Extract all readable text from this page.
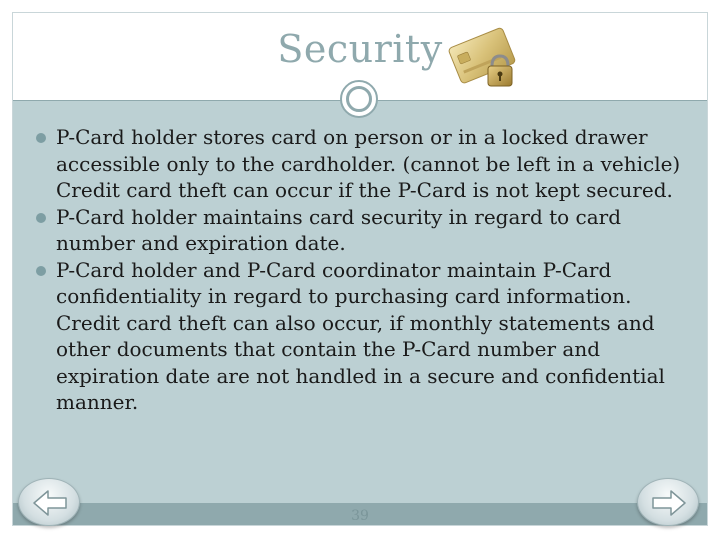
Security
P-Card holder stores card on person or in a locked drawer accessible only to the cardholder. (cannot be left in a vehicle) Credit card theft can occur if the P-Card is not kept secured.
P-Card holder maintains card security in regard to card number and expiration date.
P-Card holder and P-Card coordinator maintain P-Card confidentiality in regard to purchasing card information. Credit card theft can also occur, if monthly statements and other documents that contain the P-Card number and expiration date are not handled in a secure and confidential manner.
39
